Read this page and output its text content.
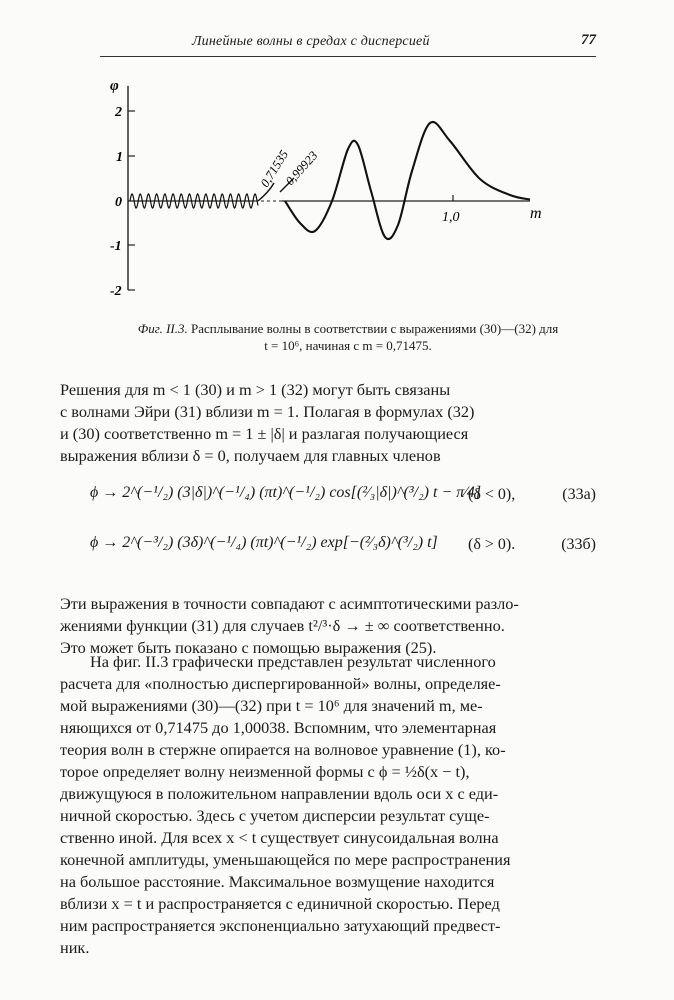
Линейные волны в средах с дисперсией	77
φ
2
1
0
-1
-2
1,0	m
0,71535
0,99923
Фиг. II.3. Расплывание волны в соответствии с выражениями (30)—(32) для
t = 10⁶, начиная с m = 0,71475.
Решения для m < 1 (30) и m > 1 (32) могут быть связаны
с волнами Эйри (31) вблизи m = 1. Полагая в формулах (32)
и (30) соответственно m = 1 ± |δ| и разлагая получающиеся
выражения вблизи δ = 0, получаем для главных членов
ϕ → 2^(−¹/₂) (3|δ|)^(−¹/₄) (πt)^(−¹/₂) cos[(²⁄₃|δ|)^(³/₂) t − π⁄4]
(δ < 0),	(33а)
ϕ → 2^(−³/₂) (3δ)^(−¹/₄) (πt)^(−¹/₂) exp[−(²⁄₃δ)^(³/₂) t] (δ > 0).	(33б)
Эти выражения в точности совпадают с асимптотическими разло-
жениями функции (31) для случаев t²/³·δ → ± ∞ соответственно.
Это может быть показано с помощью выражения (25).
На фиг. II.3 графически представлен результат численного
расчета для «полностью диспергированной» волны, определяе-
мой выражениями (30)—(32) при t = 10⁶ для значений m, ме-
няющихся от 0,71475 до 1,00038. Вспомним, что элементарная
теория волн в стержне опирается на волновое уравнение (1), ко-
торое определяет волну неизменной формы с ϕ = ½δ(x − t),
движущуюся в положительном направлении вдоль оси x с еди-
ничной скоростью. Здесь с учетом дисперсии результат суще-
ственно иной. Для всех x < t существует синусоидальная волна
конечной амплитуды, уменьшающейся по мере распространения
на большое расстояние. Максимальное возмущение находится
вблизи x = t и распространяется с единичной скоростью. Перед
ним распространяется экспоненциально затухающий предвест-
ник.
